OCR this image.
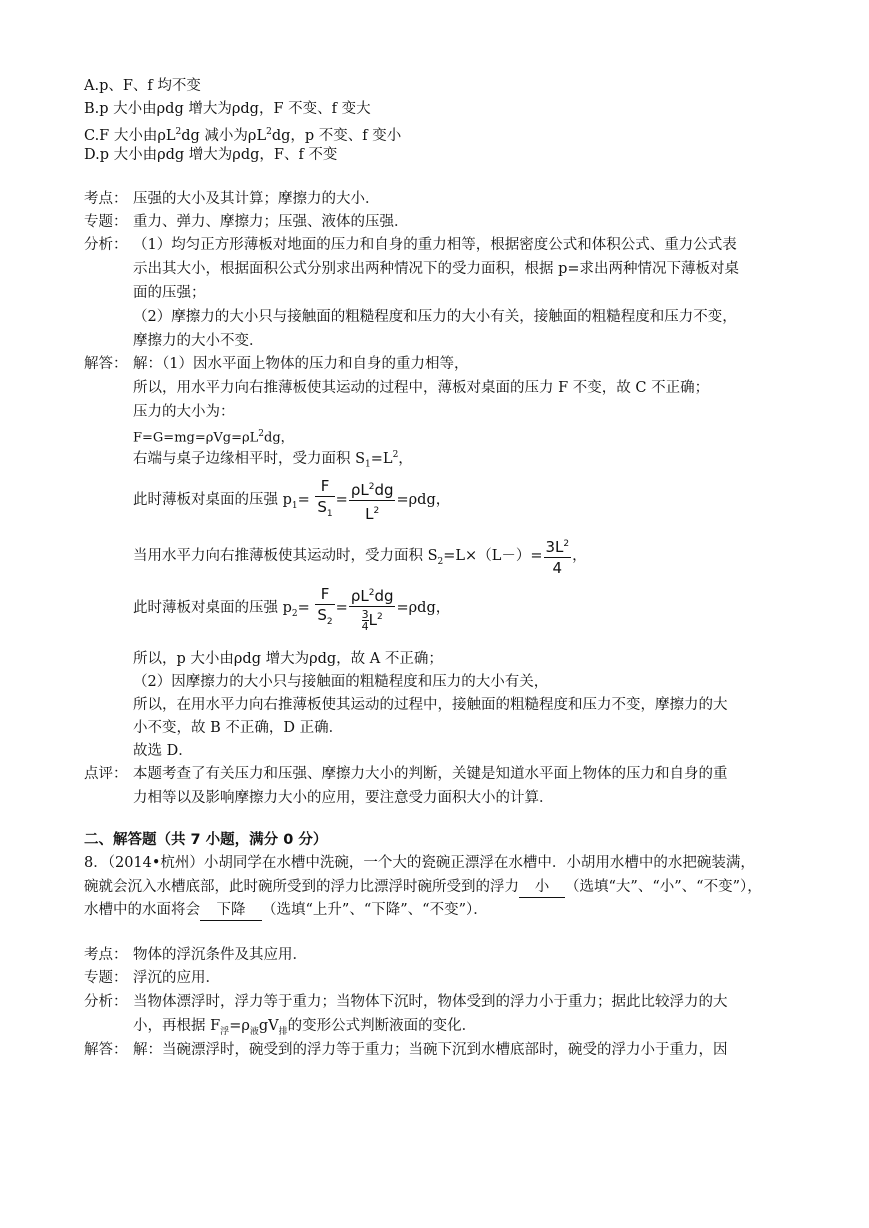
A.p、F、f 均不变
B.p 大小由ρdg 增大为ρdg，F 不变、f 变大
C.F 大小由$\rho L^2dg$ 减小为$\rho L^2dg$，p 不变、f 变小
D.p 大小由ρdg 增大为ρdg，F、f 不变
考点： 压强的大小及其计算；摩擦力的大小．
专题： 重力、弹力、摩擦力；压强、液体的压强．
分析： （1）均匀正方形薄板对地面的压力和自身的重力相等，根据密度公式和体积公式、重力公式表
示出其大小，根据面积公式分别求出两种情况下的受力面积，根据 p=求出两种情况下薄板对桌
面的压强；
（2）摩擦力的大小只与接触面的粗糙程度和压力的大小有关，接触面的粗糙程度和压力不变，
摩擦力的大小不变．
解答： 解：（1）因水平面上物体的压力和自身的重力相等，
所以，用水平力向右推薄板使其运动的过程中，薄板对桌面的压力 F 不变，故 C 不正确；
压力的大小为：
$F=G=mg=\rho Vg=\rho L^2dg$，
右端与桌子边缘相平时，受力面积 $S_1=L^2$，
此时薄板对桌面的压强 $p_1= \frac{F}{S_1} = \frac{\rho L^2dg}{L^2} =\rho dg$，
当用水平力向右推薄板使其运动时，受力面积 $S_2=L\times(L-)= \frac{3L^2}{4}$ ，
此时薄板对桌面的压强 $p_2= \frac{F}{S_2} = \frac{\rho L^2dg}{\frac{3}{4} L^2} =\rho dg$，
所以，p 大小由ρdg 增大为ρdg，故 A 不正确；
（2）因摩擦力的大小只与接触面的粗糙程度和压力的大小有关，
所以，在用水平力向右推薄板使其运动的过程中，接触面的粗糙程度和压力不变，摩擦力的大
小不变，故 B 不正确，D 正确．
故选 D．
点评： 本题考查了有关压力和压强、摩擦力大小的判断，关键是知道水平面上物体的压力和自身的重
力相等以及影响摩擦力大小的应用，要注意受力面积大小的计算．
二、解答题（共 7 小题，满分 0 分）
8．（2014•杭州）小胡同学在水槽中洗碗，一个大的瓷碗正漂浮在水槽中．小胡用水槽中的水把碗装满，
碗就会沉入水槽底部，此时碗所受到的浮力比漂浮时碗所受到的浮力 小 （选填“大”、“小”、“不变”），
水槽中的水面将会 下降 （选填“上升”、“下降”、“不变”）．
考点： 物体的浮沉条件及其应用．
专题： 浮沉的应用．
分析： 当物体漂浮时，浮力等于重力；当物体下沉时，物体受到的浮力小于重力；据此比较浮力的大
小，再根据 $F_浮=\rho_液gV_排$的变形公式判断液面的变化．
解答： 解：当碗漂浮时，碗受到的浮力等于重力；当碗下沉到水槽底部时，碗受的浮力小于重力，因
